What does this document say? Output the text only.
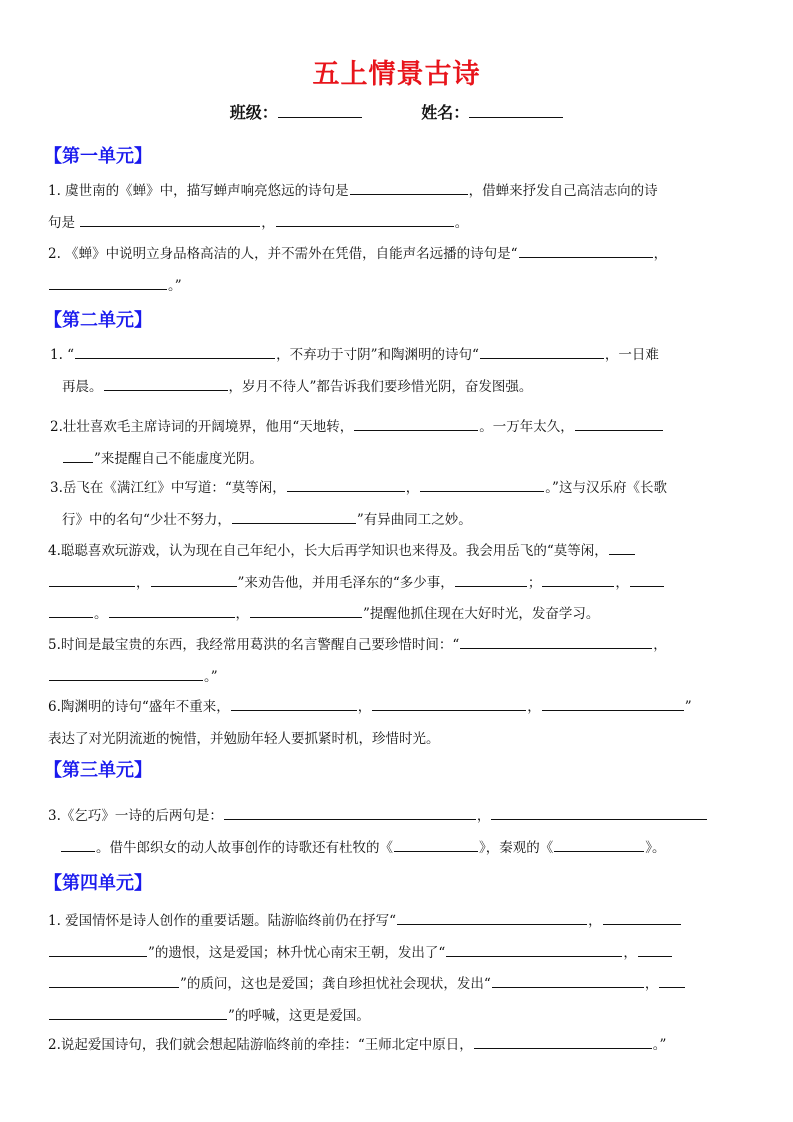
五上情景古诗
班级：	姓名：
【第一单元】
1. 虞世南的《蝉》中，描写蝉声响亮悠远的诗句是	，借蝉来抒发自己高洁志向的诗
句是	，	。
2. 《蝉》中说明立身品格高洁的人，并不需外在凭借，自能声名远播的诗句是“	，
。”
【第二单元】
1. “	，不弃功于寸阴”和陶渊明的诗句“	，一日难
再晨。	，岁月不待人”都告诉我们要珍惜光阴，奋发图强。
2.壮壮喜欢毛主席诗词的开阔境界，他用“天地转，	。一万年太久，
”来提醒自己不能虚度光阴。
3.岳飞在《满江红》中写道：“莫等闲，	，	。”这与汉乐府《长歌
行》中的名句“少壮不努力，	”有异曲同工之妙。
4.聪聪喜欢玩游戏，认为现在自己年纪小，长大后再学知识也来得及。我会用岳飞的“莫等闲，
，	”来劝告他，并用毛泽东的“多少事，	；	，
。	，	”提醒他抓住现在大好时光，发奋学习。
5.时间是最宝贵的东西，我经常用葛洪的名言警醒自己要珍惜时间：“	，
。”
6.陶渊明的诗句“盛年不重来，	，	，	”
表达了对光阴流逝的惋惜，并勉励年轻人要抓紧时机，珍惜时光。
【第三单元】
3.《乞巧》一诗的后两句是：	，
。借牛郎织女的动人故事创作的诗歌还有杜牧的《	》，秦观的《	》。
【第四单元】
1. 爱国情怀是诗人创作的重要话题。陆游临终前仍在抒写“	，
”的遗恨，这是爱国；林升忧心南宋王朝，发出了“	，
”的质问，这也是爱国；龚自珍担忧社会现状，发出“	，
”的呼喊，这更是爱国。
2.说起爱国诗句，我们就会想起陆游临终前的牵挂：“王师北定中原日，	。”
